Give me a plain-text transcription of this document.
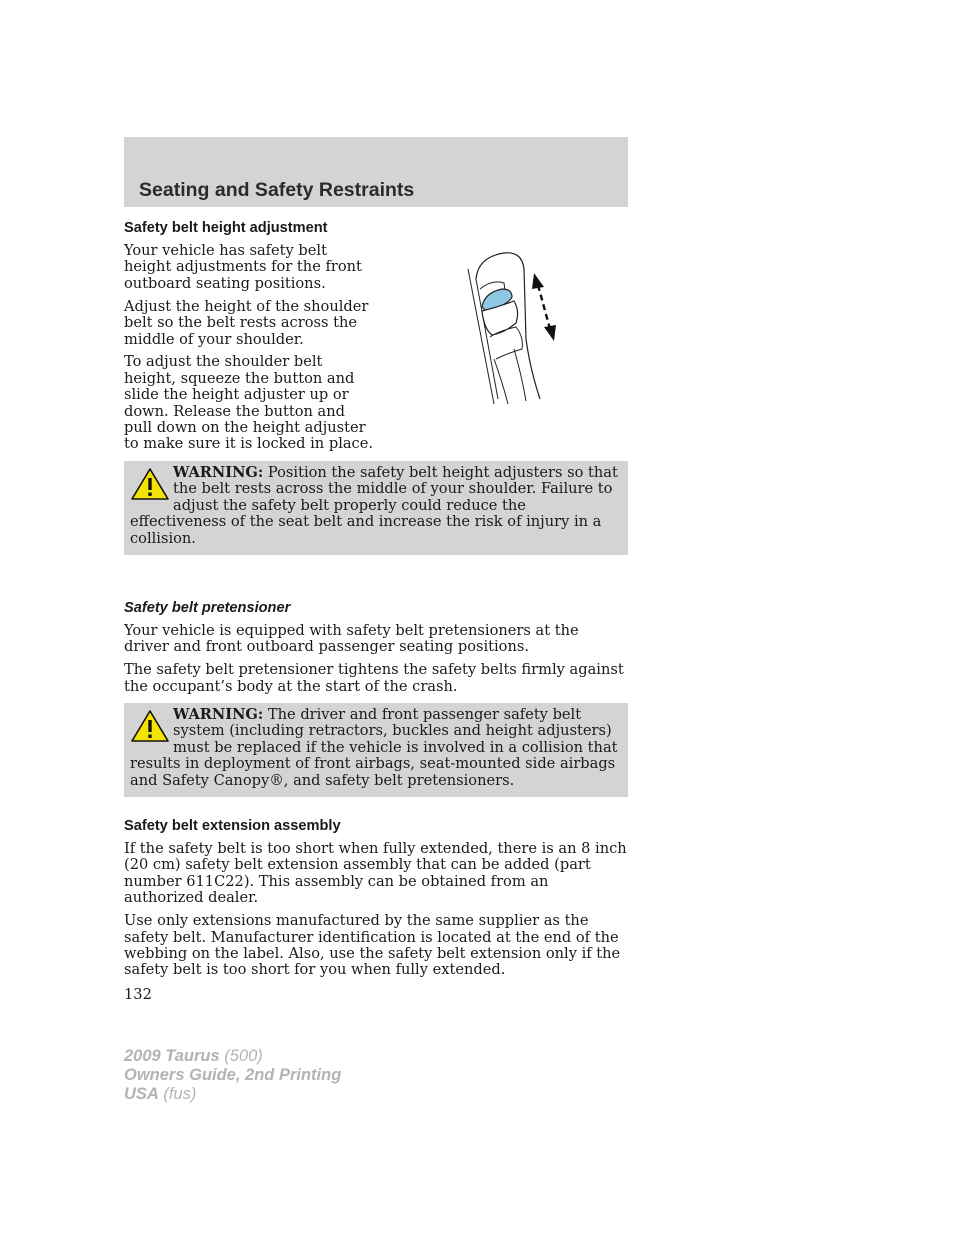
Seating and Safety Restraints
Safety belt height adjustment

Your vehicle has safety belt height adjustments for the front outboard seating positions.

Adjust the height of the shoulder belt so the belt rests across the middle of your shoulder.

To adjust the shoulder belt height, squeeze the button and slide the height adjuster up or down. Release the button and pull down on the height adjuster to make sure it is locked in place.

WARNING: Position the safety belt height adjusters so that the belt rests across the middle of your shoulder. Failure to adjust the safety belt properly could reduce the effectiveness of the seat belt and increase the risk of injury in a collision.
Safety belt pretensioner

Your vehicle is equipped with safety belt pretensioners at the driver and front outboard passenger seating positions.

The safety belt pretensioner tightens the safety belts firmly against the occupant’s body at the start of the crash.

WARNING: The driver and front passenger safety belt system (including retractors, buckles and height adjusters) must be replaced if the vehicle is involved in a collision that results in deployment of front airbags, seat-mounted side airbags and Safety Canopy®, and safety belt pretensioners.
Safety belt extension assembly

If the safety belt is too short when fully extended, there is an 8 inch (20 cm) safety belt extension assembly that can be added (part number 611C22). This assembly can be obtained from an authorized dealer.

Use only extensions manufactured by the same supplier as the safety belt. Manufacturer identification is located at the end of the webbing on the label. Also, use the safety belt extension only if the safety belt is too short for you when fully extended.

132
2009 Taurus (500)
Owners Guide, 2nd Printing
USA (fus)
